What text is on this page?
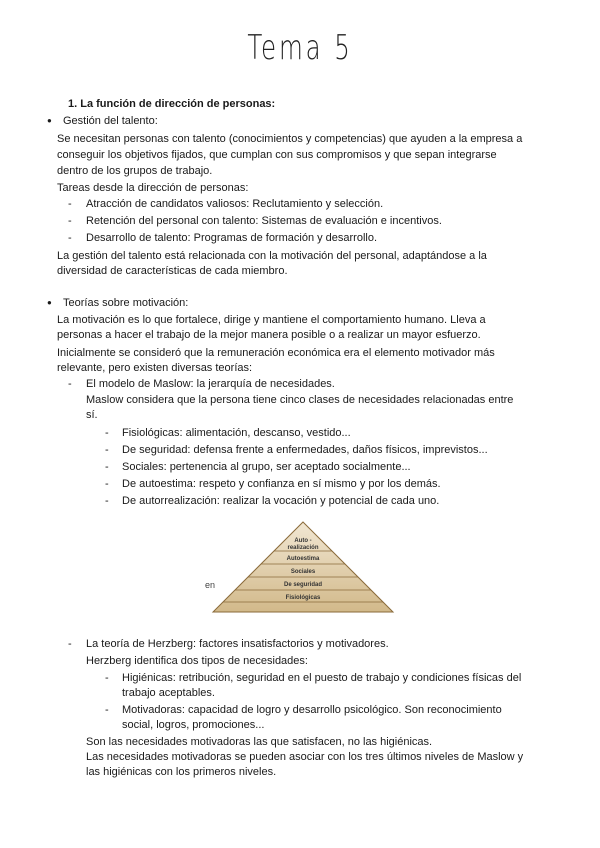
Tema 5
1. La función de dirección de personas:
● Gestión del talento:
Se necesitan personas con talento (conocimientos y competencias) que ayuden a la empresa a
conseguir los objetivos fijados, que cumplan con sus compromisos y que sepan integrarse
dentro de los grupos de trabajo.
Tareas desde la dirección de personas:
- Atracción de candidatos valiosos: Reclutamiento y selección.
- Retención del personal con talento: Sistemas de evaluación e incentivos.
- Desarrollo de talento: Programas de formación y desarrollo.
La gestión del talento está relacionada con la motivación del personal, adaptándose a la
diversidad de características de cada miembro.
● Teorías sobre motivación:
La motivación es lo que fortalece, dirige y mantiene el comportamiento humano. Lleva a
personas a hacer el trabajo de la mejor manera posible o a realizar un mayor esfuerzo.
Inicialmente se consideró que la remuneración económica era el elemento motivador más
relevante, pero existen diversas teorías:
- El modelo de Maslow: la jerarquía de necesidades.
Maslow considera que la persona tiene cinco clases de necesidades relacionadas entre
sí.
- Fisiológicas: alimentación, descanso, vestido...
- De seguridad: defensa frente a enfermedades, daños físicos, imprevistos...
- Sociales: pertenencia al grupo, ser aceptado socialmente...
- De autoestima: respeto y confianza en sí mismo y por los demás.
- De autorrealización: realizar la vocación y potencial de cada uno.
en
Auto -
realización
Autoestima
Sociales
De seguridad
Fisiológicas
- La teoría de Herzberg: factores insatisfactorios y motivadores.
Herzberg identifica dos tipos de necesidades:
- Higiénicas: retribución, seguridad en el puesto de trabajo y condiciones físicas del
trabajo aceptables.
- Motivadoras: capacidad de logro y desarrollo psicológico. Son reconocimiento
social, logros, promociones...
Son las necesidades motivadoras las que satisfacen, no las higiénicas.
Las necesidades motivadoras se pueden asociar con los tres últimos niveles de Maslow y
las higiénicas con los primeros niveles.
